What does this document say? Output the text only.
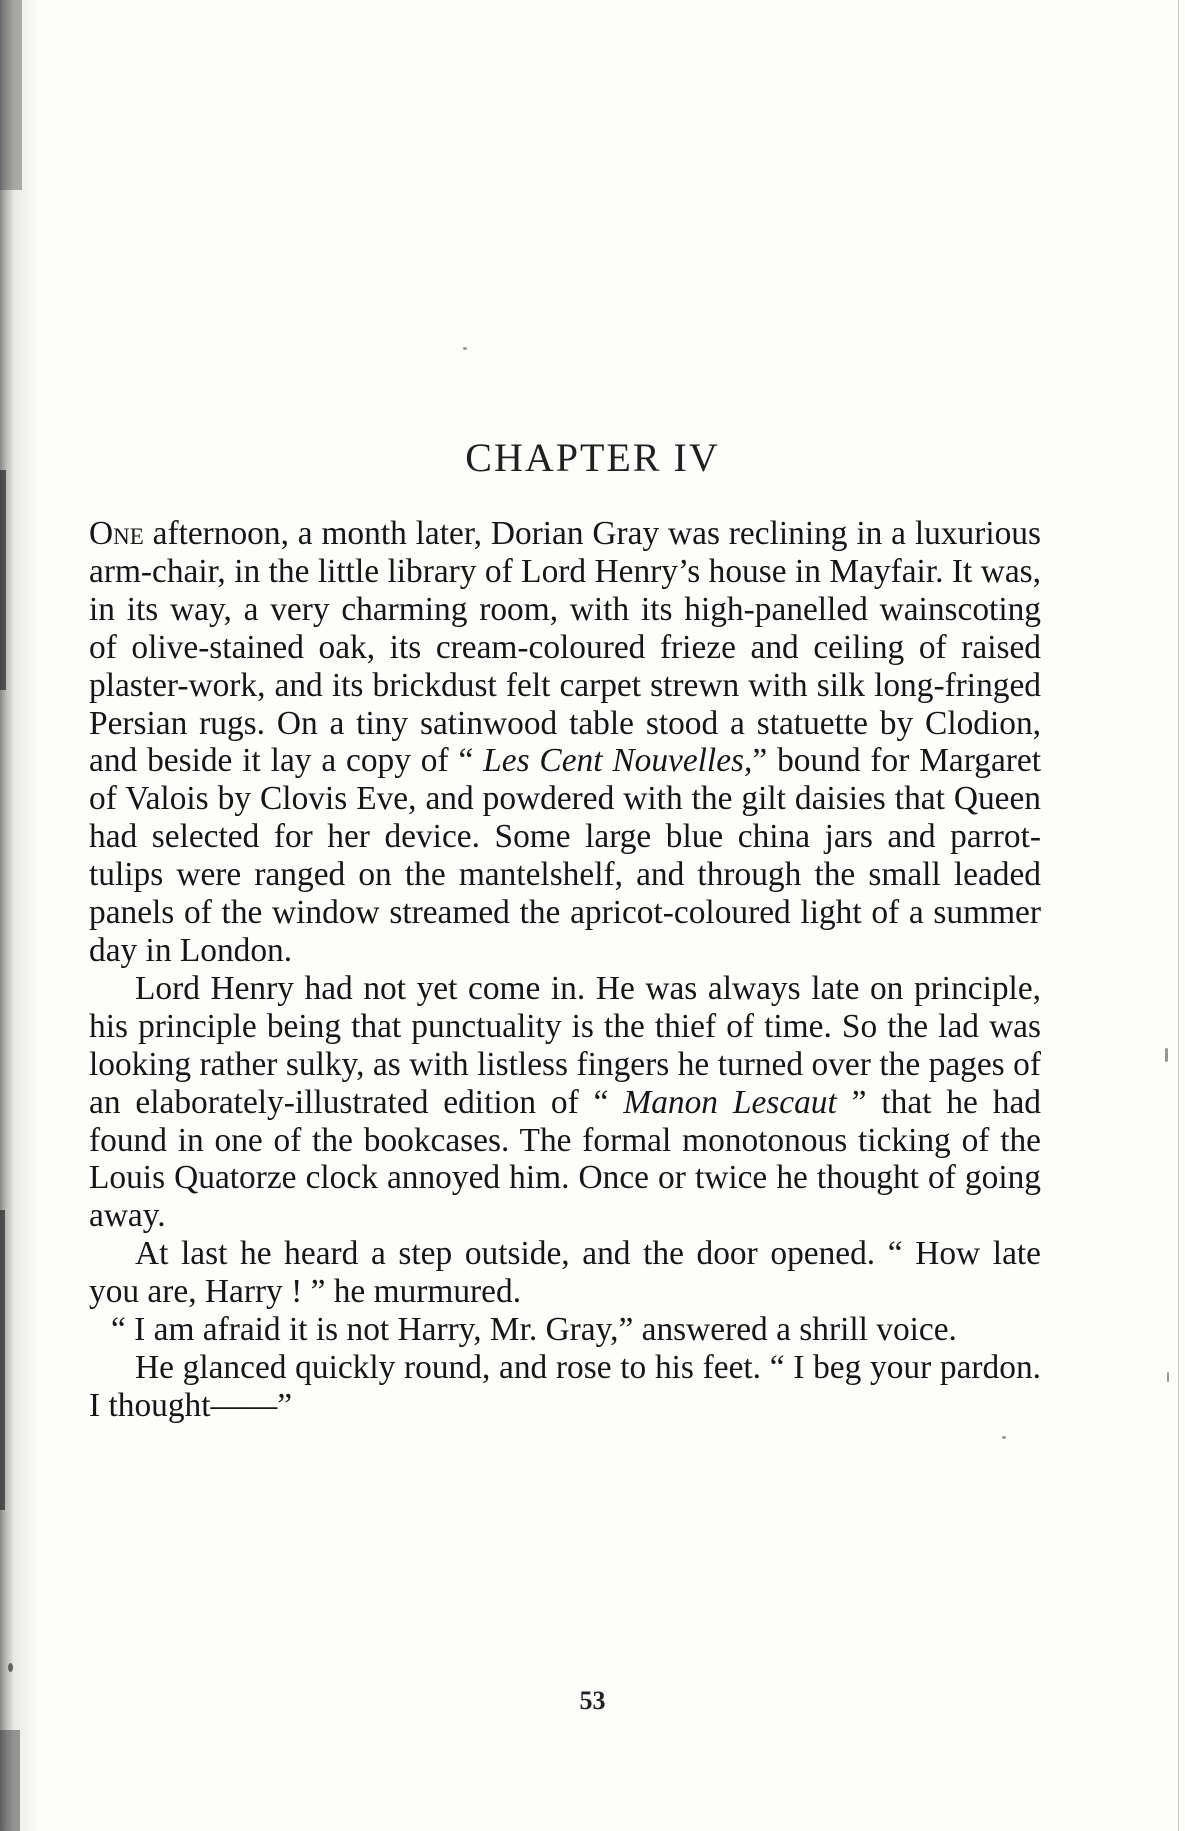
CHAPTER IV

One afternoon, a month later, Dorian Gray was reclining in a luxurious arm-chair, in the little library of Lord Henry’s house in Mayfair. It was, in its way, a very charming room, with its high-panelled wainscoting of olive-stained oak, its cream-coloured frieze and ceiling of raised plaster-work, and its brickdust felt carpet strewn with silk long-fringed Persian rugs. On a tiny satinwood table stood a statuette by Clodion, and beside it lay a copy of “ Les Cent Nouvelles,” bound for Margaret of Valois by Clovis Eve, and powdered with the gilt daisies that Queen had selected for her device. Some large blue china jars and parrot-tulips were ranged on the mantelshelf, and through the small leaded panels of the window streamed the apricot-coloured light of a summer day in London.

Lord Henry had not yet come in. He was always late on principle, his principle being that punctuality is the thief of time. So the lad was looking rather sulky, as with listless fingers he turned over the pages of an elaborately-illustrated edition of “ Manon Lescaut ” that he had found in one of the bookcases. The formal monotonous ticking of the Louis Quatorze clock annoyed him. Once or twice he thought of going away.

At last he heard a step outside, and the door opened. “ How late you are, Harry ! ” he murmured.

“ I am afraid it is not Harry, Mr. Gray,” answered a shrill voice.

He glanced quickly round, and rose to his feet. “ I beg your pardon. I thought——”

53
